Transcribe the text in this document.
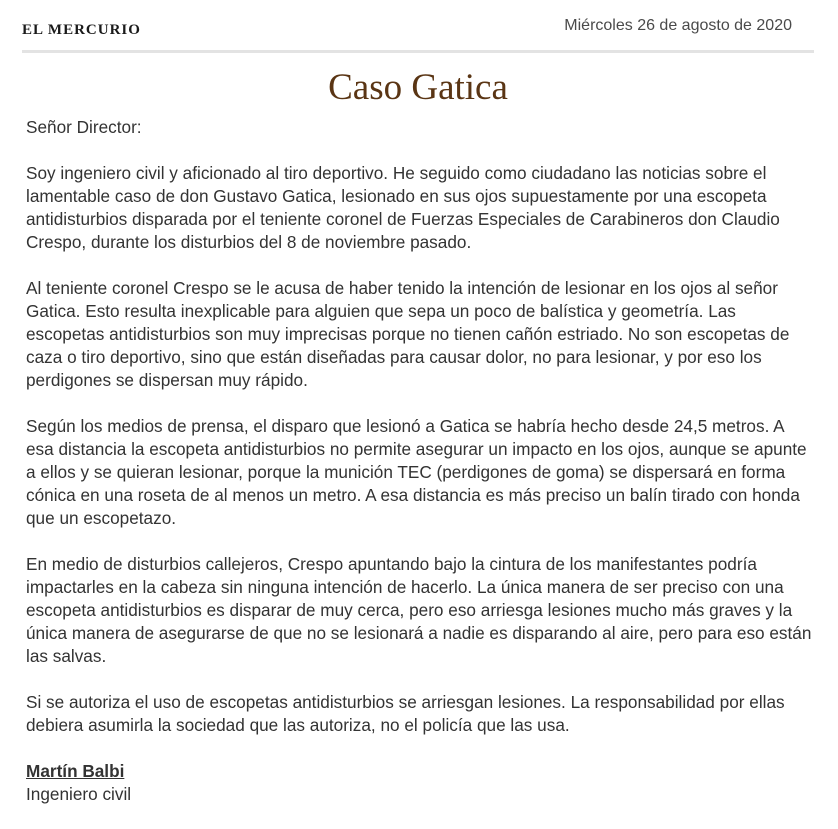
EL MERCURIO	Miércoles 26 de agosto de 2020
Caso Gatica

Señor Director:

Soy ingeniero civil y aficionado al tiro deportivo. He seguido como ciudadano las noticias sobre el lamentable caso de don Gustavo Gatica, lesionado en sus ojos supuestamente por una escopeta antidisturbios disparada por el teniente coronel de Fuerzas Especiales de Carabineros don Claudio Crespo, durante los disturbios del 8 de noviembre pasado.

Al teniente coronel Crespo se le acusa de haber tenido la intención de lesionar en los ojos al señor Gatica. Esto resulta inexplicable para alguien que sepa un poco de balística y geometría. Las escopetas antidisturbios son muy imprecisas porque no tienen cañón estriado. No son escopetas de caza o tiro deportivo, sino que están diseñadas para causar dolor, no para lesionar, y por eso los perdigones se dispersan muy rápido.

Según los medios de prensa, el disparo que lesionó a Gatica se habría hecho desde 24,5 metros. A esa distancia la escopeta antidisturbios no permite asegurar un impacto en los ojos, aunque se apunte a ellos y se quieran lesionar, porque la munición TEC (perdigones de goma) se dispersará en forma cónica en una roseta de al menos un metro. A esa distancia es más preciso un balín tirado con honda que un escopetazo.

En medio de disturbios callejeros, Crespo apuntando bajo la cintura de los manifestantes podría impactarles en la cabeza sin ninguna intención de hacerlo. La única manera de ser preciso con una escopeta antidisturbios es disparar de muy cerca, pero eso arriesga lesiones mucho más graves y la única manera de asegurarse de que no se lesionará a nadie es disparando al aire, pero para eso están las salvas.

Si se autoriza el uso de escopetas antidisturbios se arriesgan lesiones. La responsabilidad por ellas debiera asumirla la sociedad que las autoriza, no el policía que las usa.

Martín Balbi

Ingeniero civil
